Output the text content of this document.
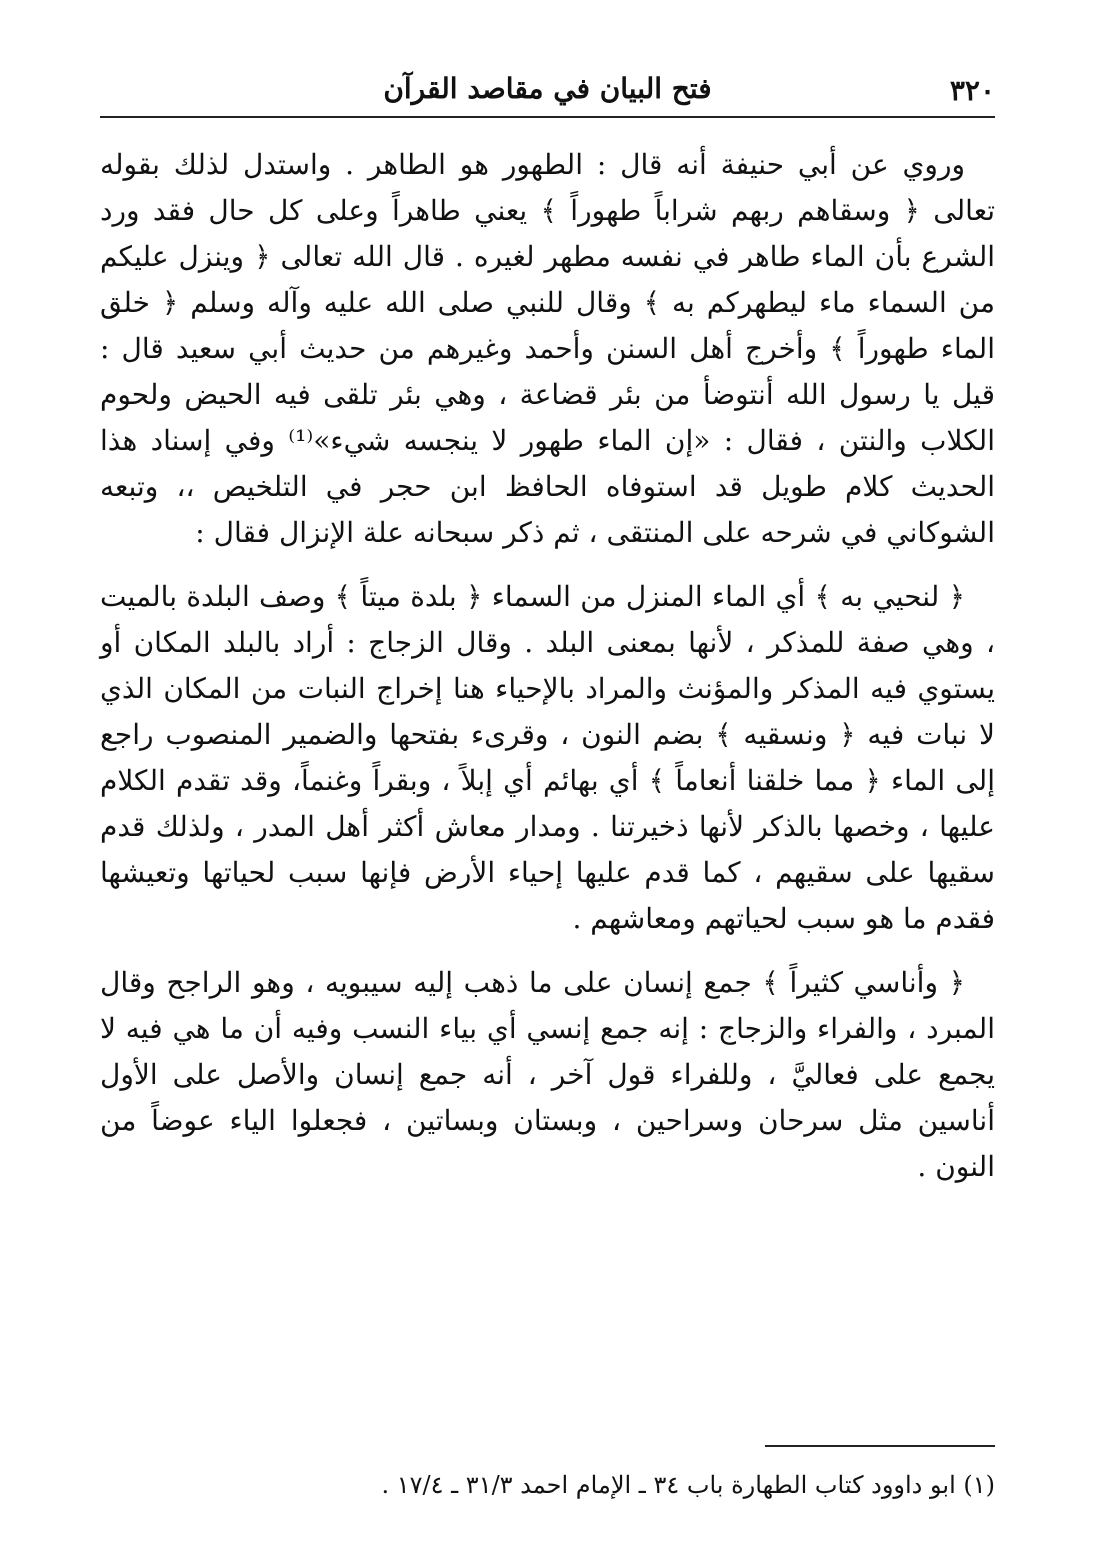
٣٢٠
فتح البيان في مقاصد القرآن

وروي عن أبي حنيفة أنه قال : الطهور هو الطاهر . واستدل لذلك بقوله تعالى ﴿ وسقاهم ربهم شراباً طهوراً ﴾ يعني طاهراً وعلى كل حال فقد ورد الشرع بأن الماء طاهر في نفسه مطهر لغيره . قال الله تعالى ﴿ وينزل عليكم من السماء ماء ليطهركم به ﴾ وقال للنبي صلى الله عليه وآله وسلم ﴿ خلق الماء طهوراً ﴾ وأخرج أهل السنن وأحمد وغيرهم من حديث أبي سعيد قال : قيل يا رسول الله أنتوضأ من بئر قضاعة ، وهي بئر تلقى فيه الحيض ولحوم الكلاب والنتن ، فقال : «إن الماء طهور لا ينجسه شيء»⁽¹⁾ وفي إسناد هذا الحديث كلام طويل قد استوفاه الحافظ ابن حجر في التلخيص ،، وتبعه الشوكاني في شرحه على المنتقى ، ثم ذكر سبحانه علة الإنزال فقال :

﴿ لنحيي به ﴾ أي الماء المنزل من السماء ﴿ بلدة ميتاً ﴾ وصف البلدة بالميت ، وهي صفة للمذكر ، لأنها بمعنى البلد . وقال الزجاج : أراد بالبلد المكان أو يستوي فيه المذكر والمؤنث والمراد بالإحياء هنا إخراج النبات من المكان الذي لا نبات فيه ﴿ ونسقيه ﴾ بضم النون ، وقرىء بفتحها والضمير المنصوب راجع إلى الماء ﴿ مما خلقنا أنعاماً ﴾ أي بهائم أي إبلاً ، وبقراً وغنماً، وقد تقدم الكلام عليها ، وخصها بالذكر لأنها ذخيرتنا . ومدار معاش أكثر أهل المدر ، ولذلك قدم سقيها على سقيهم ، كما قدم عليها إحياء الأرض فإنها سبب لحياتها وتعيشها فقدم ما هو سبب لحياتهم ومعاشهم .

﴿ وأناسي كثيراً ﴾ جمع إنسان على ما ذهب إليه سيبويه ، وهو الراجح وقال المبرد ، والفراء والزجاج : إنه جمع إنسي أي بياء النسب وفيه أن ما هي فيه لا يجمع على فعاليَّ ، وللفراء قول آخر ، أنه جمع إنسان والأصل على الأول أناسين مثل سرحان وسراحين ، وبستان وبساتين ، فجعلوا الياء عوضاً من النون .

(١) ابو داوود كتاب الطهارة باب ٣٤ ـ الإمام احمد ٣١/٣ ـ ١٧/٤ .
